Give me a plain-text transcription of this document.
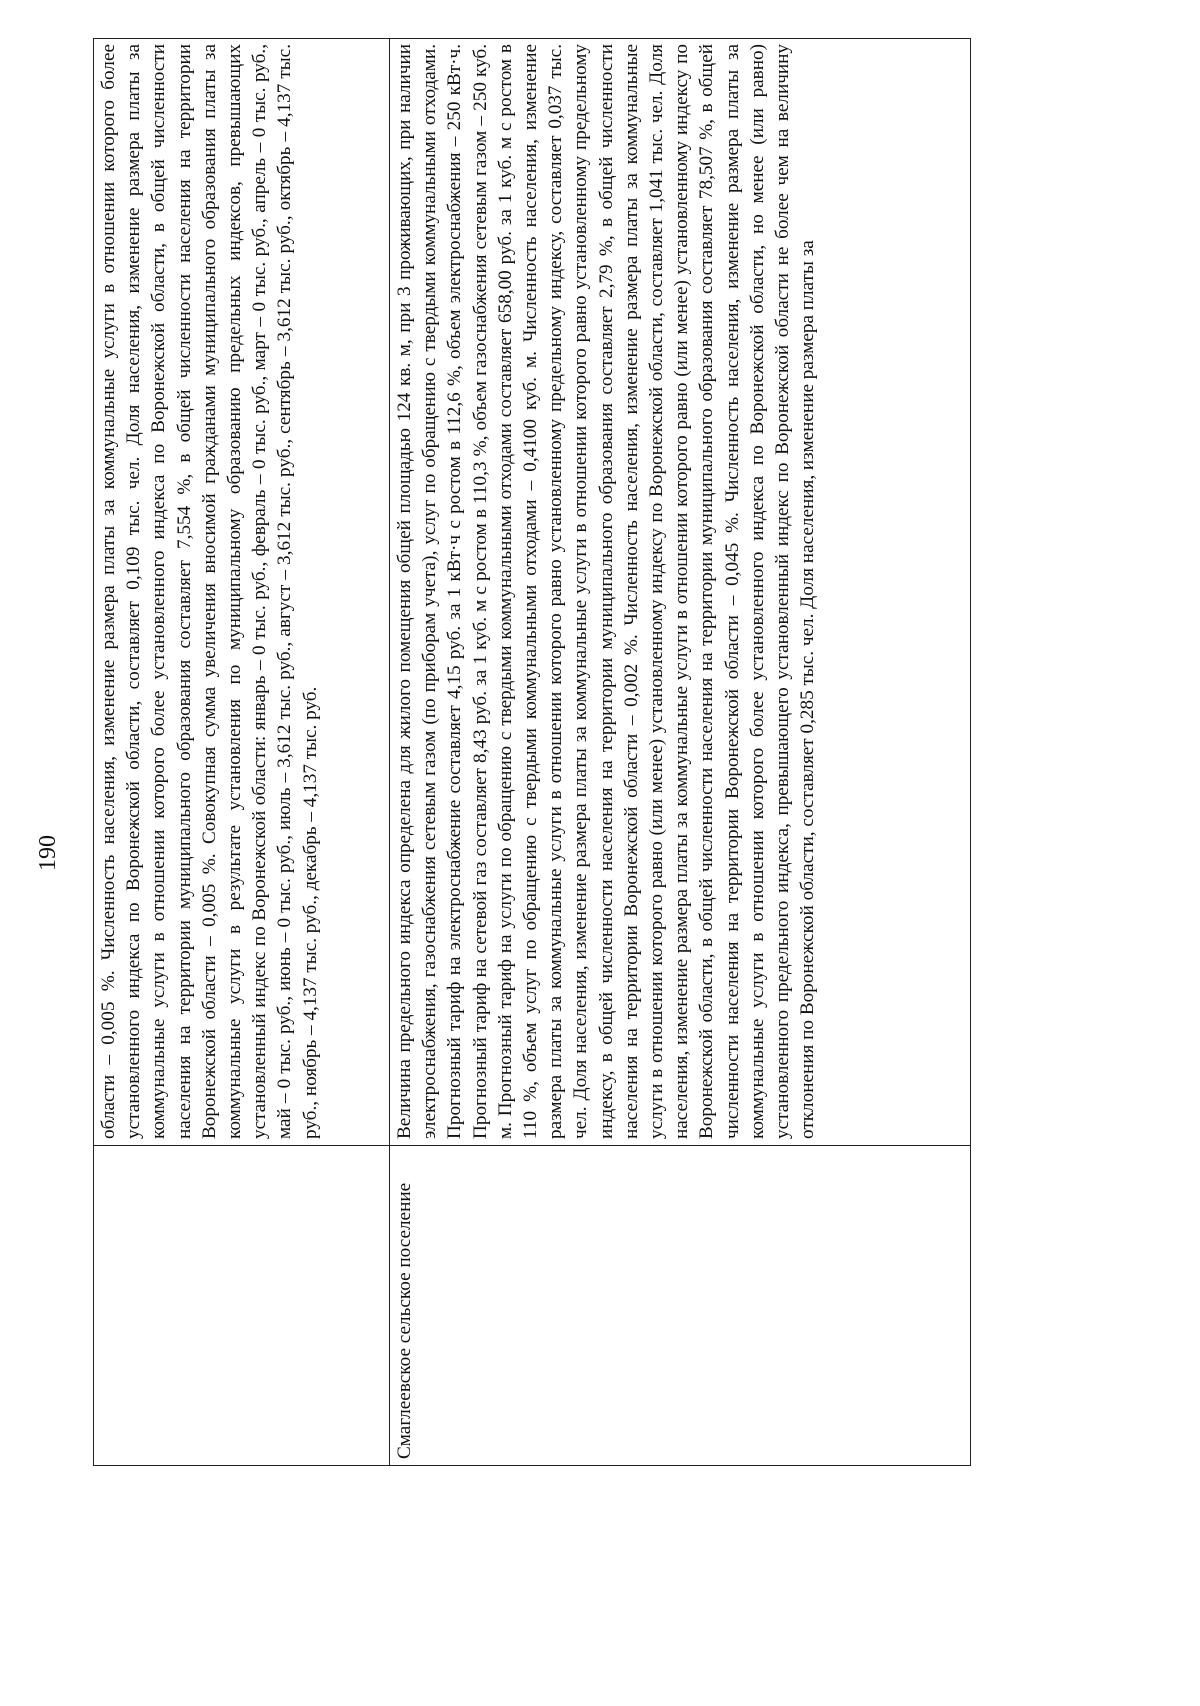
190
	области – 0,005 %. Численность населения, изменение размера платы за коммунальные услуги в отношении которого более установленного индекса по Воронежской области, составляет 0,109 тыс. чел. Доля населения, изменение размера платы за коммунальные услуги в отношении которого более установленного индекса по Воронежской области, в общей численности населения на территории муниципального образования составляет 7,554 %, в общей численности населения на территории Воронежской области – 0,005 %. Совокупная сумма увеличения вносимой гражданами муниципального образования платы за коммунальные услуги в результате установления по муниципальному образованию предельных индексов, превышающих установленный индекс по Воронежской области: январь – 0 тыс. руб., февраль – 0 тыс. руб., март – 0 тыс. руб., апрель – 0 тыс. руб., май – 0 тыс. руб., июнь – 0 тыс. руб., июль – 3,612 тыс. руб., август – 3,612 тыс. руб., сентябрь – 3,612 тыс. руб., октябрь – 4,137 тыс. руб., ноябрь – 4,137 тыс. руб., декабрь – 4,137 тыс. руб.
Смаглеевское сельское поселение	Величина предельного индекса определена для жилого помещения общей площадью 124 кв. м, при 3 проживающих, при наличии электроснабжения, газоснабжения сетевым газом (по приборам учета), услуг по обращению с твердыми коммунальными отходами. Прогнозный тариф на электроснабжение составляет 4,15 руб. за 1 кВт·ч с ростом в 112,6 %, объем электроснабжения – 250 кВт·ч. Прогнозный тариф на сетевой газ составляет 8,43 руб. за 1 куб. м с ростом в 110,3 %, объем газоснабжения сетевым газом – 250 куб. м. Прогнозный тариф на услуги по обращению с твердыми коммунальными отходами составляет 658,00 руб. за 1 куб. м с ростом в 110 %, объем услуг по обращению с твердыми коммунальными отходами – 0,4100 куб. м. Численность населения, изменение размера платы за коммунальные услуги в отношении которого равно установленному предельному индексу, составляет 0,037 тыс. чел. Доля населения, изменение размера платы за коммунальные услуги в отношении которого равно установленному предельному индексу, в общей численности населения на территории муниципального образования составляет 2,79 %, в общей численности населения на территории Воронежской области – 0,002 %. Численность населения, изменение размера платы за коммунальные услуги в отношении которого равно (или менее) установленному индексу по Воронежской области, составляет 1,041 тыс. чел. Доля населения, изменение размера платы за коммунальные услуги в отношении которого равно (или менее) установленному индексу по Воронежской области, в общей численности населения на территории муниципального образования составляет 78,507 %, в общей численности населения на территории Воронежской области – 0,045 %. Численность населения, изменение размера платы за коммунальные услуги в отношении которого более установленного индекса по Воронежской области, но менее (или равно) установленного предельного индекса, превышающего установленный индекс по Воронежской области не более чем на величину отклонения по Воронежской области, составляет 0,285 тыс. чел. Доля населения, изменение размера платы за
